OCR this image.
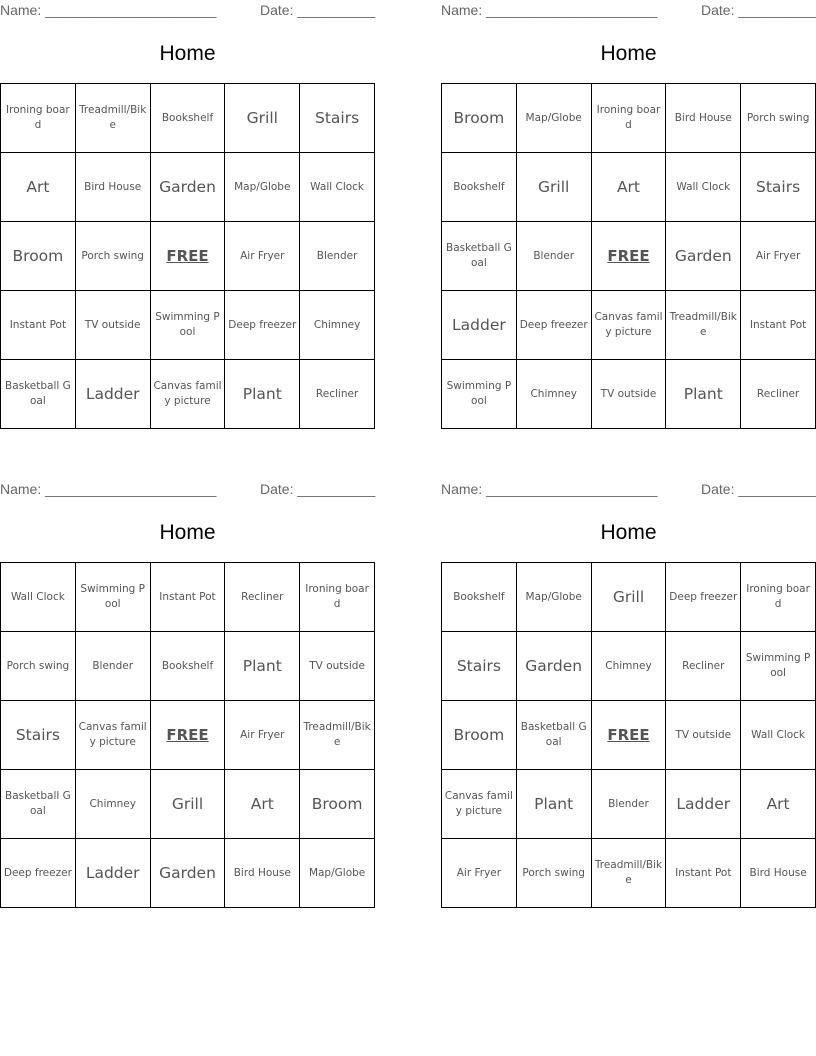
Name: ______________________	Date: __________
Home
Ironing board	Treadmill/Bike	Bookshelf	Grill	Stairs
Art	Bird House	Garden	Map/Globe	Wall Clock
Broom	Porch swing	FREE	Air Fryer	Blender
Instant Pot	TV outside	Swimming Pool	Deep freezer	Chimney
Basketball Goal	Ladder	Canvas family picture	Plant	Recliner
Name: ______________________	Date: __________
Home
Broom	Map/Globe	Ironing board	Bird House	Porch swing
Bookshelf	Grill	Art	Wall Clock	Stairs
Basketball Goal	Blender	FREE	Garden	Air Fryer
Ladder	Deep freezer	Canvas family picture	Treadmill/Bike	Instant Pot
Swimming Pool	Chimney	TV outside	Plant	Recliner
Name: ______________________	Date: __________
Home
Wall Clock	Swimming Pool	Instant Pot	Recliner	Ironing board
Porch swing	Blender	Bookshelf	Plant	TV outside
Stairs	Canvas family picture	FREE	Air Fryer	Treadmill/Bike
Basketball Goal	Chimney	Grill	Art	Broom
Deep freezer	Ladder	Garden	Bird House	Map/Globe
Name: ______________________	Date: __________
Home
Bookshelf	Map/Globe	Grill	Deep freezer	Ironing board
Stairs	Garden	Chimney	Recliner	Swimming Pool
Broom	Basketball Goal	FREE	TV outside	Wall Clock
Canvas family picture	Plant	Blender	Ladder	Art
Air Fryer	Porch swing	Treadmill/Bike	Instant Pot	Bird House
